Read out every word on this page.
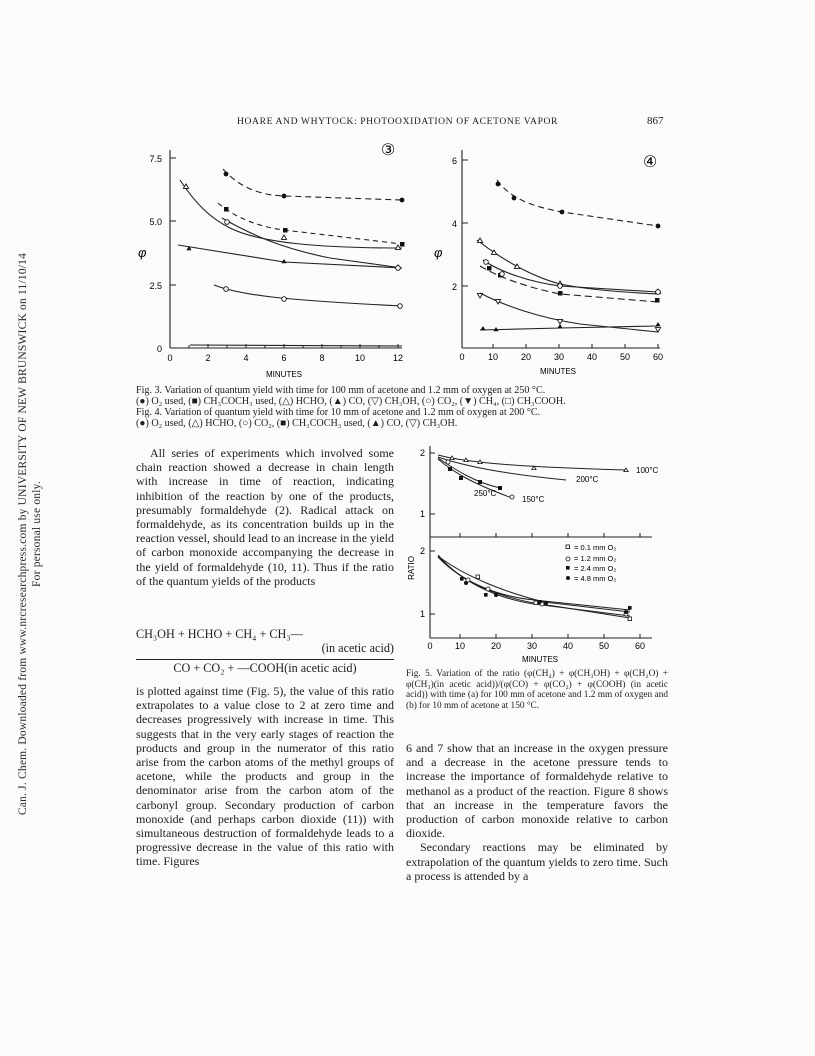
Can. J. Chem. Downloaded from www.nrcresearchpress.com by UNIVERSITY OF NEW BRUNSWICK on 11/10/14 For personal use only.
HOARE AND WHYTOCK: PHOTOOXIDATION OF ACETONE VAPOR	867
7.5
5.0
2.5
0
0	2	4	6	8	10	12
MINUTES
φ
③
6
4
2
0	10	20	30	40	50	60
MINUTES
φ
④
Fig. 3. Variation of quantum yield with time for 100 mm of acetone and 1.2 mm of oxygen at 250 °C.
(●) O₂ used, (■) CH₃COCH₃ used, (△) HCHO, (▲) CO, (▽) CH₃OH, (○) CO₂, (▼) CH₄, (□) CH₃COOH.
Fig. 4. Variation of quantum yield with time for 10 mm of acetone and 1.2 mm of oxygen at 200 °C.
(●) O₂ used, (△) HCHO, (○) CO₂, (■) CH₃COCH₃ used, (▲) CO, (▽) CH₃OH.

All series of experiments which involved some chain reaction showed a decrease in chain length with increase in time of reaction, indicating inhibition of the reaction by one of the products, presumably formaldehyde (2). Radical attack on formaldehyde, as its concentration builds up in the reaction vessel, should lead to an increase in the yield of carbon monoxide accompanying the decrease in the yield of formaldehyde (10, 11). Thus if the ratio of the quantum yields of the products

CH₃OH + HCHO + CH₄ + CH₃—
(in acetic acid)
CO + CO₂ + —COOH(in acetic acid)

is plotted against time (Fig. 5), the value of this ratio extrapolates to a value close to 2 at zero time and decreases progressively with increase in time. This suggests that in the very early stages of reaction the products and group in the numerator of this ratio arise from the carbon atoms of the methyl groups of acetone, while the products and group in the denominator arise from the carbon atom of the carbonyl group. Secondary production of carbon monoxide (and perhaps carbon dioxide (11)) with simultaneous destruction of formaldehyde leads to a progressive decrease in the value of this ratio with time. Figures

2
1
2
1
0 10	20	30	40	50	60
MINUTES
RATIO
100°C
200°C
250°C
150°C
= 0.1 mm O₂
= 1.2 mm O₂
= 2.4 mm O₂
= 4.8 mm O₂
Fig. 5. Variation of the ratio (φ(CH₄) + φ(CH₃OH) + φ(CH₂O) + φ(CH₃)(in acetic acid))/(φ(CO) + φ(CO₂) + φ(COOH) (in acetic acid)) with time (a) for 100 mm of acetone and 1.2 mm of oxygen and (b) for 10 mm of acetone at 150 °C.

6 and 7 show that an increase in the oxygen pressure and a decrease in the acetone pressure tends to increase the importance of formaldehyde relative to methanol as a product of the reaction. Figure 8 shows that an increase in the temperature favors the production of carbon monoxide relative to carbon dioxide.

Secondary reactions may be eliminated by extrapolation of the quantum yields to zero time. Such a process is attended by a
